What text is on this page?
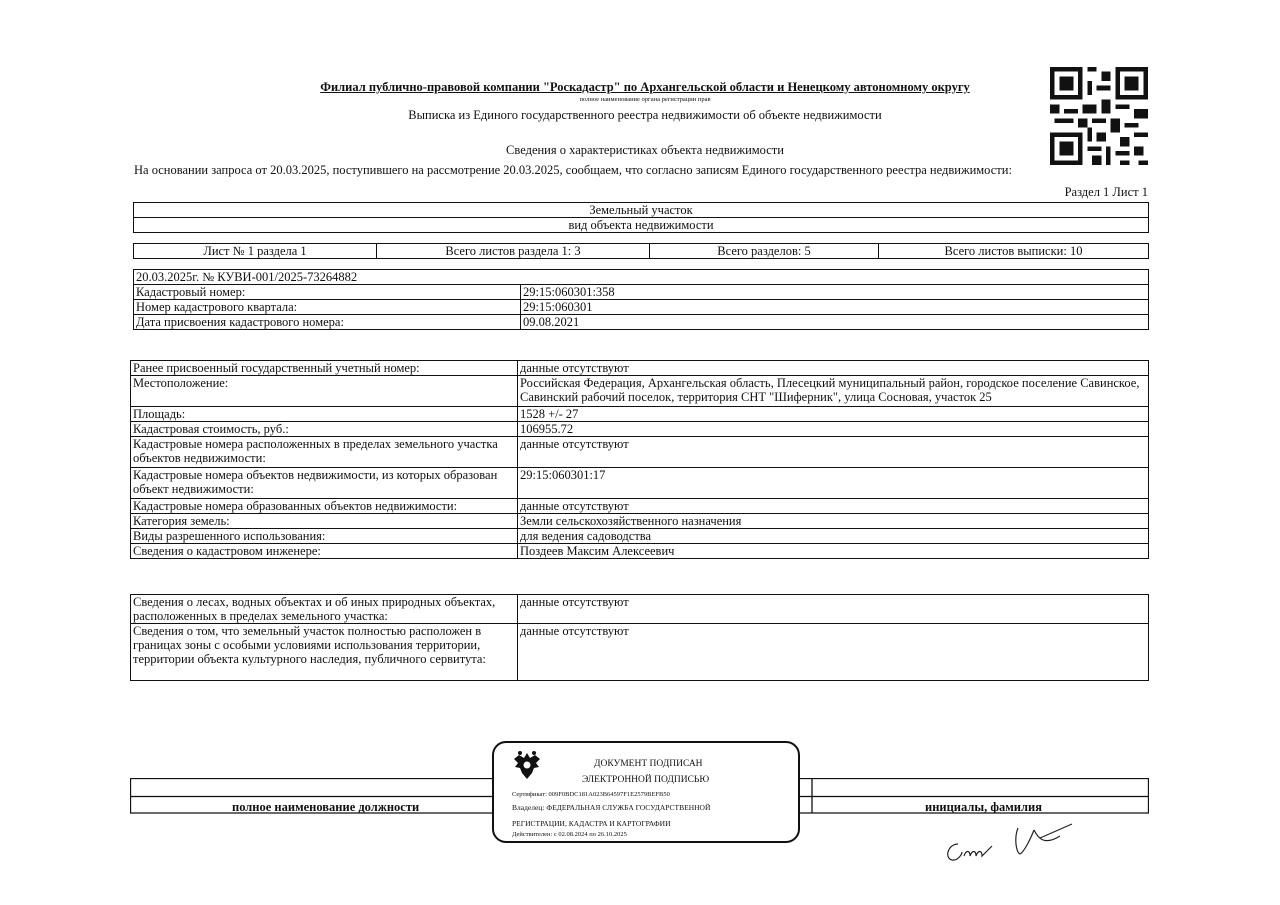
Филиал публично-правовой компании "Роскадастр" по Архангельской области и Ненецкому автономному округу
полное наименование органа регистрации прав
Выписка из Единого государственного реестра недвижимости об объекте недвижимости
Сведения о характеристиках объекта недвижимости
На основании запроса от 20.03.2025, поступившего на рассмотрение 20.03.2025, сообщаем, что согласно записям Единого государственного реестра недвижимости:
Раздел 1 Лист 1
Земельный участок
вид объекта недвижимости
Лист № 1 раздела 1	Всего листов раздела 1: 3	Всего разделов: 5	Всего листов выписки: 10
20.03.2025г. № КУВИ-001/2025-73264882	
Кадастровый номер:	29:15:060301:358
Номер кадастрового квартала:	29:15:060301
Дата присвоения кадастрового номера:	09.08.2021
Ранее присвоенный государственный учетный номер:	данные отсутствуют
Местоположение:	Российская Федерация, Архангельская область, Плесецкий муниципальный район, городское поселение Савинское, Савинский рабочий поселок, территория СНТ "Шиферник", улица Сосновая, участок 25
Площадь:	1528 +/- 27
Кадастровая стоимость, руб.:	106955.72
Кадастровые номера расположенных в пределах земельного участка объектов недвижимости:	данные отсутствуют
Кадастровые номера объектов недвижимости, из которых образован объект недвижимости:	29:15:060301:17
Кадастровые номера образованных объектов недвижимости:	данные отсутствуют
Категория земель:	Земли сельскохозяйственного назначения
Виды разрешенного использования:	для ведения садоводства
Сведения о кадастровом инженере:	Поздеев Максим Алексеевич
Сведения о лесах, водных объектах и об иных природных объектах, расположенных в пределах земельного участка:	данные отсутствуют
Сведения о том, что земельный участок полностью расположен в границах зоны с особыми условиями использования территории, территории объекта культурного наследия, публичного сервитута:	данные отсутствуют
полное наименование должности	инициалы, фамилия
ДОКУМЕНТ ПОДПИСАН
ЭЛЕКТРОННОЙ ПОДПИСЬЮ
Сертификат: 009F0BDC181A023B64597F1E2579BEFB50
Владелец: ФЕДЕРАЛЬНАЯ СЛУЖБА ГОСУДАРСТВЕННОЙ
РЕГИСТРАЦИИ, КАДАСТРА И КАРТОГРАФИИ
Действителен: с 02.08.2024 по 26.10.2025
